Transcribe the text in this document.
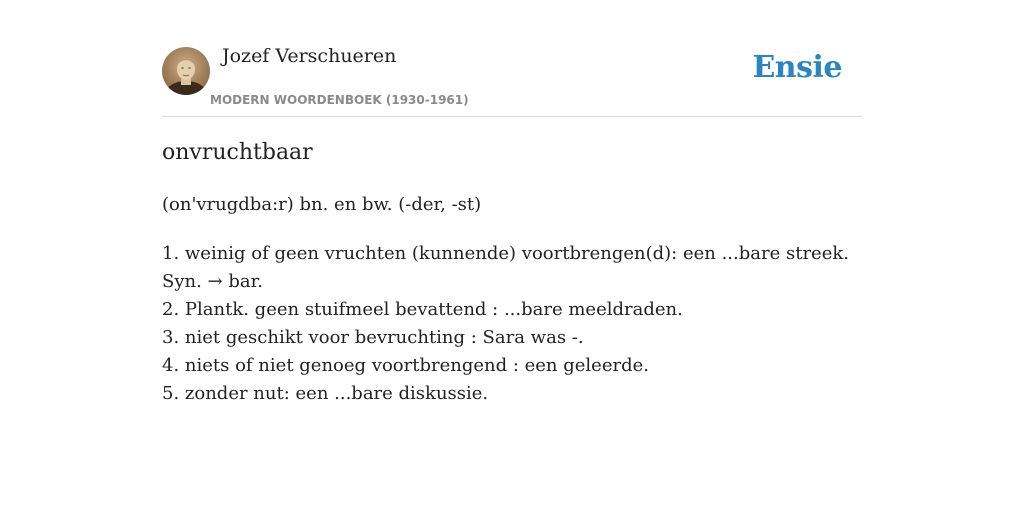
Jozef Verschueren
MODERN WOORDENBOEK (1930-1961)
Ensie
onvruchtbaar
(on'vrugdba:r) bn. en bw. (-der, -st)
1. weinig of geen vruchten (kunnende) voortbrengen(d): een ...bare streek. Syn. → bar.
2. Plantk. geen stuifmeel bevattend : ...bare meeldraden.
3. niet geschikt voor bevruchting : Sara was -.
4. niets of niet genoeg voortbrengend : een geleerde.
5. zonder nut: een ...bare diskussie.
